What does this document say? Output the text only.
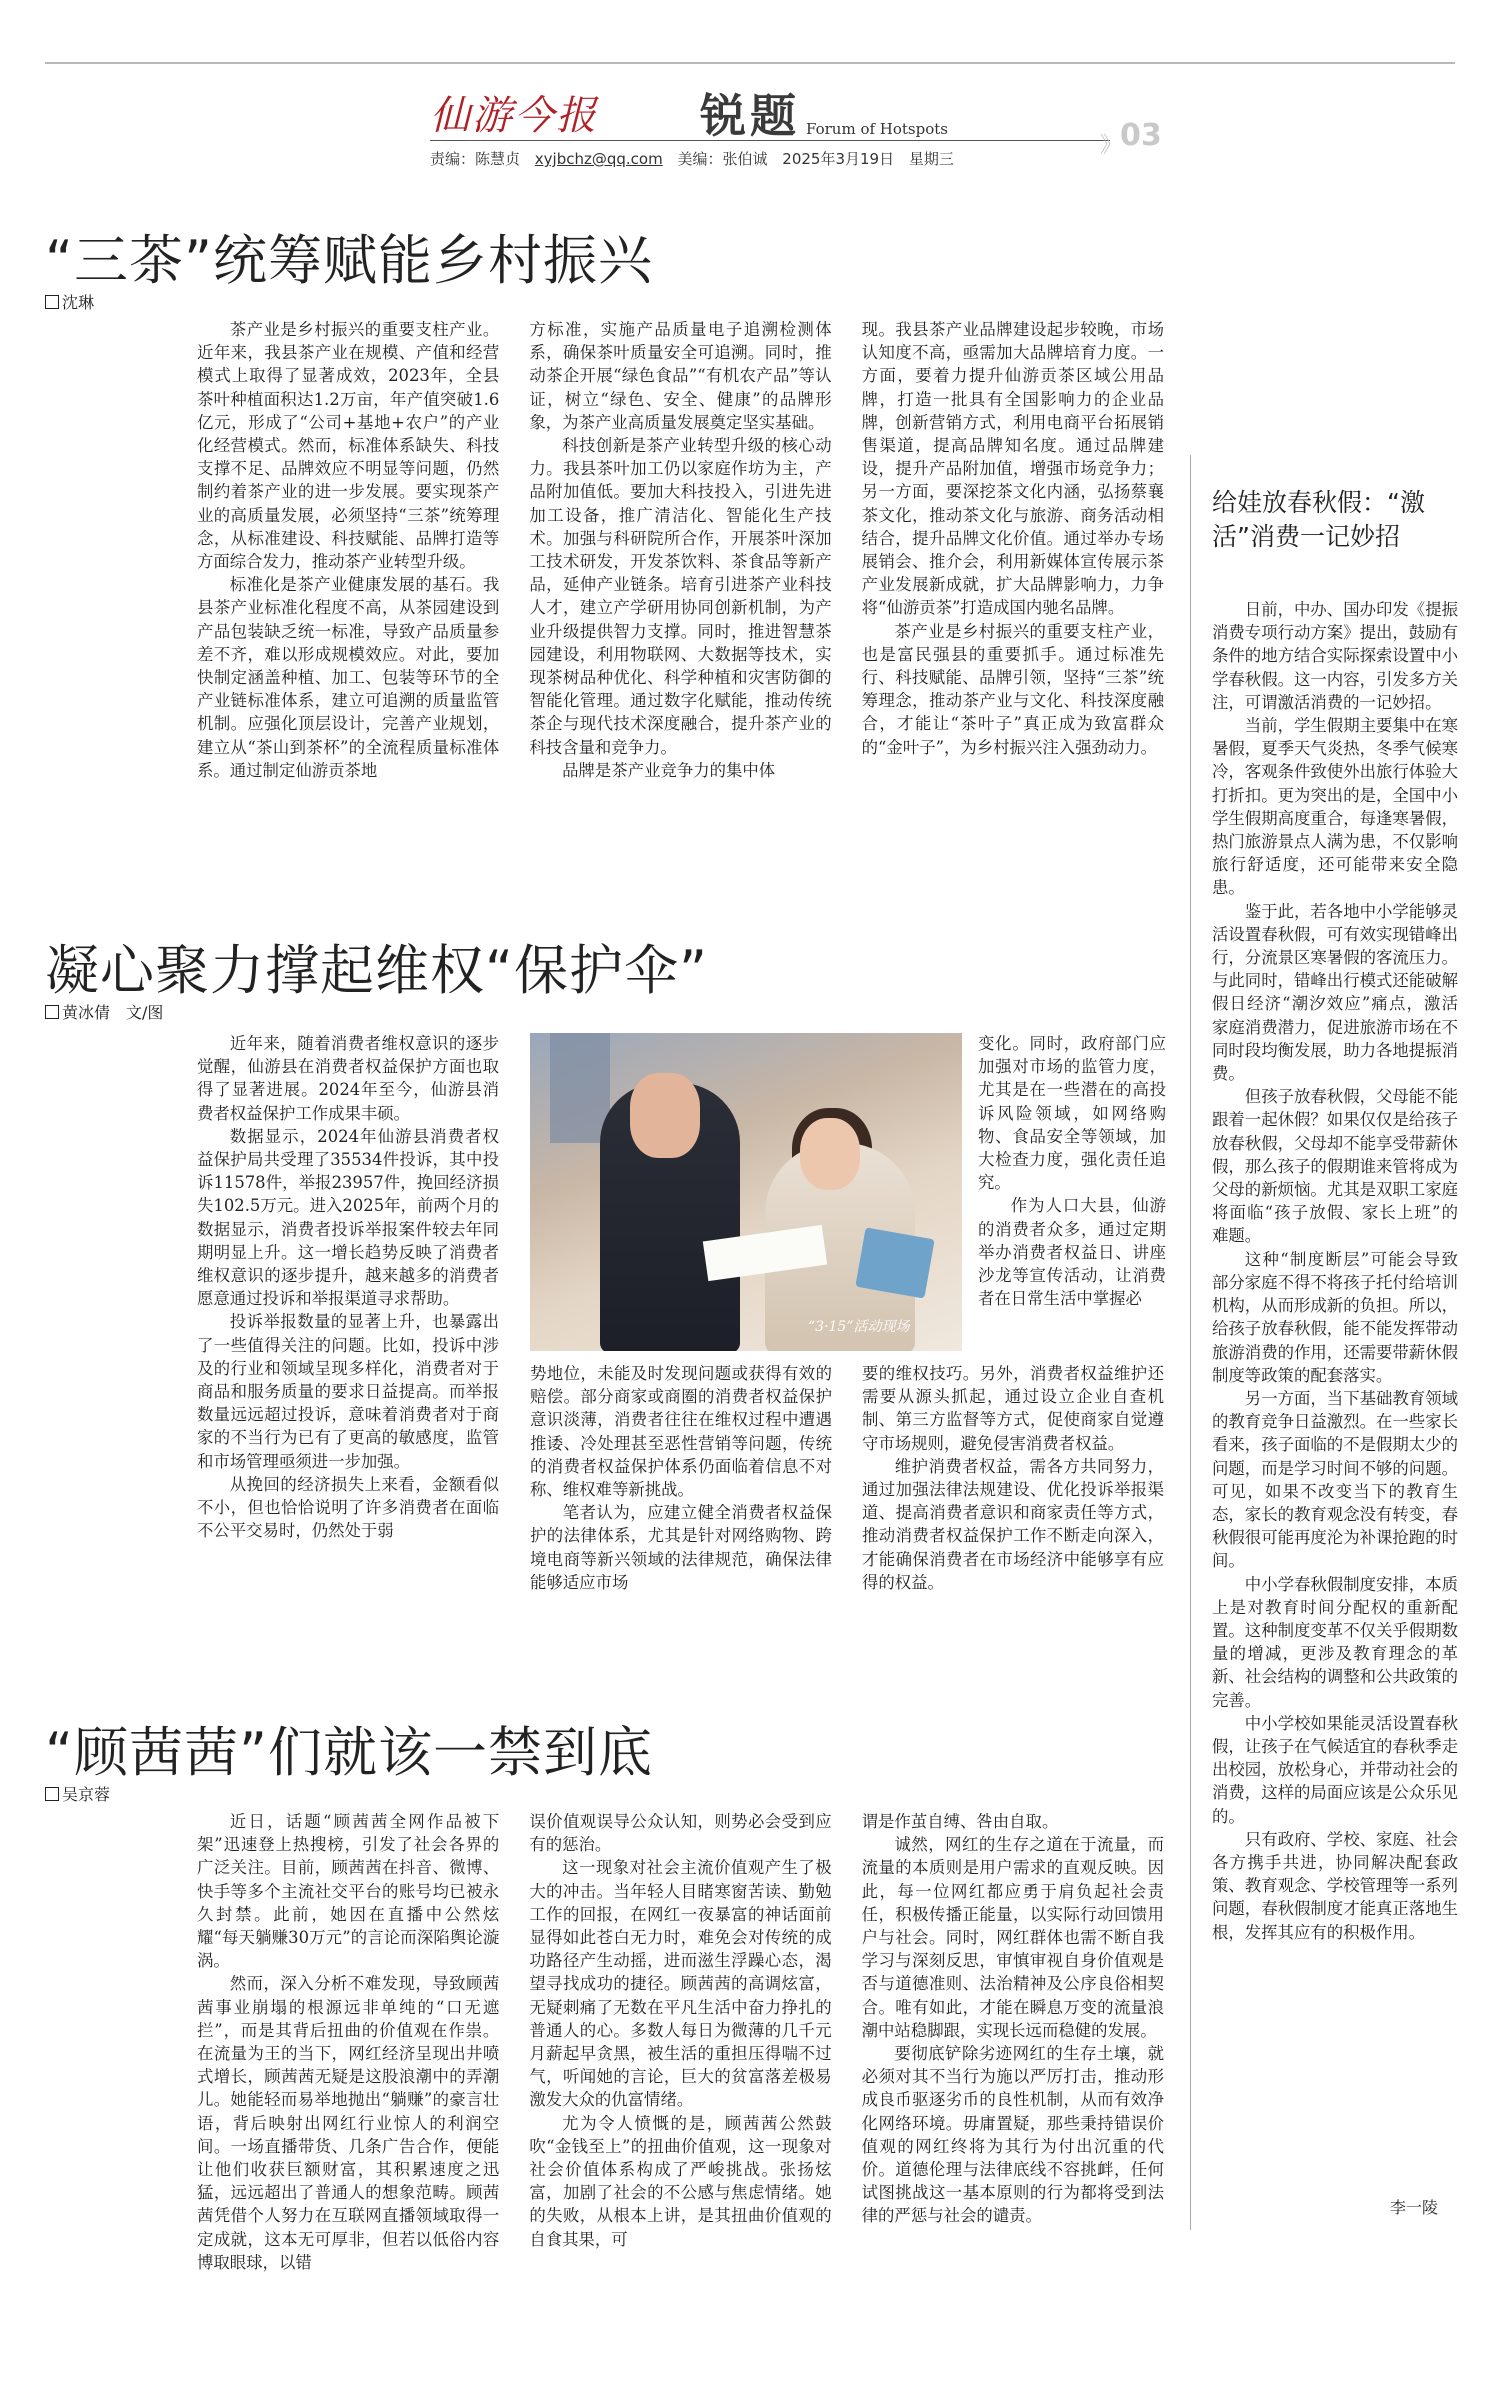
仙游今报 锐题 Forum of Hotspots
》
03
责编：陈慧贞 xyjbchz@qq.com 美编：张伯诚 2025年3月19日 星期三
“三茶”统筹赋能乡村振兴
沈琳

茶产业是乡村振兴的重要支柱产业。近年来，我县茶产业在规模、产值和经营模式上取得了显著成效，2023年，全县茶叶种植面积达1.2万亩，年产值突破1.6亿元，形成了“公司+基地+农户”的产业化经营模式。然而，标准体系缺失、科技支撑不足、品牌效应不明显等问题，仍然制约着茶产业的进一步发展。要实现茶产业的高质量发展，必须坚持“三茶”统筹理念，从标准建设、科技赋能、品牌打造等方面综合发力，推动茶产业转型升级。

标准化是茶产业健康发展的基石。我县茶产业标准化程度不高，从茶园建设到产品包装缺乏统一标准，导致产品质量参差不齐，难以形成规模效应。对此，要加快制定涵盖种植、加工、包装等环节的全产业链标准体系，建立可追溯的质量监管机制。应强化顶层设计，完善产业规划，建立从“茶山到茶杯”的全流程质量标准体系。通过制定仙游贡茶地

方标准，实施产品质量电子追溯检测体系，确保茶叶质量安全可追溯。同时，推动茶企开展“绿色食品”“有机农产品”等认证，树立“绿色、安全、健康”的品牌形象，为茶产业高质量发展奠定坚实基础。

科技创新是茶产业转型升级的核心动力。我县茶叶加工仍以家庭作坊为主，产品附加值低。要加大科技投入，引进先进加工设备，推广清洁化、智能化生产技术。加强与科研院所合作，开展茶叶深加工技术研发，开发茶饮料、茶食品等新产品，延伸产业链条。培育引进茶产业科技人才，建立产学研用协同创新机制，为产业升级提供智力支撑。同时，推进智慧茶园建设，利用物联网、大数据等技术，实现茶树品种优化、科学种植和灾害防御的智能化管理。通过数字化赋能，推动传统茶企与现代技术深度融合，提升茶产业的科技含量和竞争力。

品牌是茶产业竞争力的集中体

现。我县茶产业品牌建设起步较晚，市场认知度不高，亟需加大品牌培育力度。一方面，要着力提升仙游贡茶区域公用品牌，打造一批具有全国影响力的企业品牌，创新营销方式，利用电商平台拓展销售渠道，提高品牌知名度。通过品牌建设，提升产品附加值，增强市场竞争力；另一方面，要深挖茶文化内涵，弘扬蔡襄茶文化，推动茶文化与旅游、商务活动相结合，提升品牌文化价值。通过举办专场展销会、推介会，利用新媒体宣传展示茶产业发展新成就，扩大品牌影响力，力争将“仙游贡茶”打造成国内驰名品牌。

茶产业是乡村振兴的重要支柱产业，也是富民强县的重要抓手。通过标准先行、科技赋能、品牌引领，坚持“三茶”统筹理念，推动茶产业与文化、科技深度融合，才能让“茶叶子”真正成为致富群众的“金叶子”，为乡村振兴注入强劲动力。

凝心聚力撑起维权“保护伞”
黄冰倩　文/图

近年来，随着消费者维权意识的逐步觉醒，仙游县在消费者权益保护方面也取得了显著进展。2024年至今，仙游县消费者权益保护工作成果丰硕。

数据显示，2024年仙游县消费者权益保护局共受理了35534件投诉，其中投诉11578件，举报23957件，挽回经济损失102.5万元。进入2025年，前两个月的数据显示，消费者投诉举报案件较去年同期明显上升。这一增长趋势反映了消费者维权意识的逐步提升，越来越多的消费者愿意通过投诉和举报渠道寻求帮助。

投诉举报数量的显著上升，也暴露出了一些值得关注的问题。比如，投诉中涉及的行业和领域呈现多样化，消费者对于商品和服务质量的要求日益提高。而举报数量远远超过投诉，意味着消费者对于商家的不当行为已有了更高的敏感度，监管和市场管理亟须进一步加强。

从挽回的经济损失上来看，金额看似不小，但也恰恰说明了许多消费者在面临不公平交易时，仍然处于弱

“3·15”活动现场

势地位，未能及时发现问题或获得有效的赔偿。部分商家或商圈的消费者权益保护意识淡薄，消费者往往在维权过程中遭遇推诿、冷处理甚至恶性营销等问题，传统的消费者权益保护体系仍面临着信息不对称、维权难等新挑战。

笔者认为，应建立健全消费者权益保护的法律体系，尤其是针对网络购物、跨境电商等新兴领域的法律规范，确保法律能够适应市场

变化。同时，政府部门应加强对市场的监管力度，尤其是在一些潜在的高投诉风险领域，如网络购物、食品安全等领域，加大检查力度，强化责任追究。

作为人口大县，仙游的消费者众多，通过定期举办消费者权益日、讲座沙龙等宣传活动，让消费者在日常生活中掌握必

要的维权技巧。另外，消费者权益维护还需要从源头抓起，通过设立企业自查机制、第三方监督等方式，促使商家自觉遵守市场规则，避免侵害消费者权益。

维护消费者权益，需各方共同努力，通过加强法律法规建设、优化投诉举报渠道、提高消费者意识和商家责任等方式，推动消费者权益保护工作不断走向深入，才能确保消费者在市场经济中能够享有应得的权益。

“顾茜茜”们就该一禁到底
吴京蓉

近日，话题“顾茜茜全网作品被下架”迅速登上热搜榜，引发了社会各界的广泛关注。目前，顾茜茜在抖音、微博、快手等多个主流社交平台的账号均已被永久封禁。此前，她因在直播中公然炫耀“每天躺赚30万元”的言论而深陷舆论漩涡。

然而，深入分析不难发现，导致顾茜茜事业崩塌的根源远非单纯的“口无遮拦”，而是其背后扭曲的价值观在作祟。在流量为王的当下，网红经济呈现出井喷式增长，顾茜茜无疑是这股浪潮中的弄潮儿。她能轻而易举地抛出“躺赚”的豪言壮语，背后映射出网红行业惊人的利润空间。一场直播带货、几条广告合作，便能让他们收获巨额财富，其积累速度之迅猛，远远超出了普通人的想象范畴。顾茜茜凭借个人努力在互联网直播领域取得一定成就，这本无可厚非，但若以低俗内容博取眼球，以错

误价值观误导公众认知，则势必会受到应有的惩治。

这一现象对社会主流价值观产生了极大的冲击。当年轻人目睹寒窗苦读、勤勉工作的回报，在网红一夜暴富的神话面前显得如此苍白无力时，难免会对传统的成功路径产生动摇，进而滋生浮躁心态，渴望寻找成功的捷径。顾茜茜的高调炫富，无疑刺痛了无数在平凡生活中奋力挣扎的普通人的心。多数人每日为微薄的几千元月薪起早贪黑，被生活的重担压得喘不过气，听闻她的言论，巨大的贫富落差极易激发大众的仇富情绪。

尤为令人愤慨的是，顾茜茜公然鼓吹“金钱至上”的扭曲价值观，这一现象对社会价值体系构成了严峻挑战。张扬炫富，加剧了社会的不公感与焦虑情绪。她的失败，从根本上讲，是其扭曲价值观的自食其果，可

谓是作茧自缚、咎由自取。

诚然，网红的生存之道在于流量，而流量的本质则是用户需求的直观反映。因此，每一位网红都应勇于肩负起社会责任，积极传播正能量，以实际行动回馈用户与社会。同时，网红群体也需不断自我学习与深刻反思，审慎审视自身价值观是否与道德准则、法治精神及公序良俗相契合。唯有如此，才能在瞬息万变的流量浪潮中站稳脚跟，实现长远而稳健的发展。

要彻底铲除劣迹网红的生存土壤，就必须对其不当行为施以严厉打击，推动形成良币驱逐劣币的良性机制，从而有效净化网络环境。毋庸置疑，那些秉持错误价值观的网红终将为其行为付出沉重的代价。道德伦理与法律底线不容挑衅，任何试图挑战这一基本原则的行为都将受到法律的严惩与社会的谴责。

给娃放春秋假：“激活”消费一记妙招

日前，中办、国办印发《提振消费专项行动方案》提出，鼓励有条件的地方结合实际探索设置中小学春秋假。这一内容，引发多方关注，可谓激活消费的一记妙招。

当前，学生假期主要集中在寒暑假，夏季天气炎热，冬季气候寒冷，客观条件致使外出旅行体验大打折扣。更为突出的是，全国中小学生假期高度重合，每逢寒暑假，热门旅游景点人满为患，不仅影响旅行舒适度，还可能带来安全隐患。

鉴于此，若各地中小学能够灵活设置春秋假，可有效实现错峰出行，分流景区寒暑假的客流压力。与此同时，错峰出行模式还能破解假日经济“潮汐效应”痛点，激活家庭消费潜力，促进旅游市场在不同时段均衡发展，助力各地提振消费。

但孩子放春秋假，父母能不能跟着一起休假？如果仅仅是给孩子放春秋假，父母却不能享受带薪休假，那么孩子的假期谁来管将成为父母的新烦恼。尤其是双职工家庭将面临“孩子放假、家长上班”的难题。

这种“制度断层”可能会导致部分家庭不得不将孩子托付给培训机构，从而形成新的负担。所以，给孩子放春秋假，能不能发挥带动旅游消费的作用，还需要带薪休假制度等政策的配套落实。

另一方面，当下基础教育领域的教育竞争日益激烈。在一些家长看来，孩子面临的不是假期太少的问题，而是学习时间不够的问题。可见，如果不改变当下的教育生态，家长的教育观念没有转变，春秋假很可能再度沦为补课抢跑的时间。

中小学春秋假制度安排，本质上是对教育时间分配权的重新配置。这种制度变革不仅关乎假期数量的增减，更涉及教育理念的革新、社会结构的调整和公共政策的完善。

中小学校如果能灵活设置春秋假，让孩子在气候适宜的春秋季走出校园，放松身心，并带动社会的消费，这样的局面应该是公众乐见的。

只有政府、学校、家庭、社会各方携手共进，协同解决配套政策、教育观念、学校管理等一系列问题，春秋假制度才能真正落地生根，发挥其应有的积极作用。

李一陵
